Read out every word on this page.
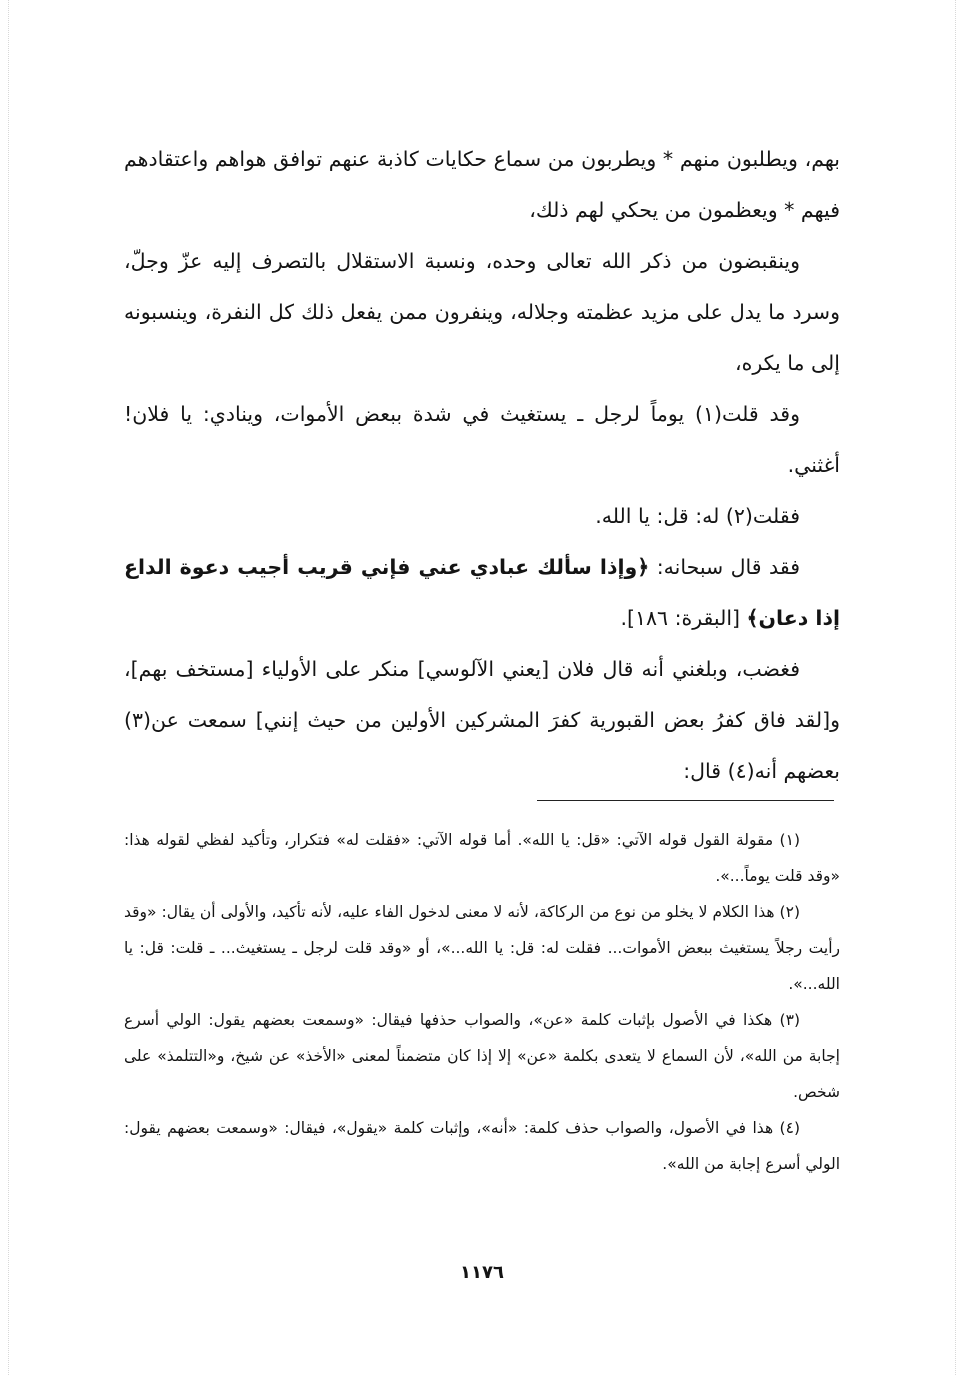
بهم، ويطلبون منهم * ويطربون من سماع حكايات كاذبة عنهم توافق هواهم واعتقادهم فيهم * ويعظمون من يحكي لهم ذلك،

وينقبضون من ذكر الله تعالى وحده، ونسبة الاستقلال بالتصرف إليه عزّ وجلّ، وسرد ما يدل على مزيد عظمته وجلاله، وينفرون ممن يفعل ذلك كل النفرة، وينسبونه إلى ما يكره،

وقد قلت(١) يوماً لرجل ـ يستغيث في شدة ببعض الأموات، وينادي: يا فلان! أغثني.

فقلت(٢) له: قل: يا الله.

فقد قال سبحانه: ﴿وإذا سألك عبادي عني فإني قريب أجيب دعوة الداع إذا دعان﴾ [البقرة: ١٨٦].

فغضب، وبلغني أنه قال فلان [يعني الآلوسي] منكر على الأولياء [مستخف بهم]، و[لقد فاق كفرُ بعض القبورية كفرَ المشركين الأولين من حيث إنني] سمعت عن(٣) بعضهم أنه(٤) قال:

(١) مقولة القول قوله الآتي: «قل: يا الله». أما قوله الآتي: «فقلت له» فتكرار، وتأكيد لفظي لقوله هذا: «وقد قلت يوماً...».

(٢) هذا الكلام لا يخلو من نوع من الركاكة، لأنه لا معنى لدخول الفاء عليه، لأنه تأكيد، والأولى أن يقال: «وقد رأيت رجلاً يستغيث ببعض الأموات... فقلت له: قل: يا الله...»، أو «وقد قلت لرجل ـ يستغيث... ـ قلت: قل: يا الله...».

(٣) هكذا في الأصول بإثبات كلمة «عن»، والصواب حذفها فيقال: «وسمعت بعضهم يقول: الولي أسرع إجابة من الله»، لأن السماع لا يتعدى بكلمة «عن» إلا إذا كان متضمناً لمعنى «الأخذ» عن شيخ، و«التتلمذ» على شخص.

(٤) هذا في الأصول، والصواب حذف كلمة: «أنه»، وإثبات كلمة «يقول»، فيقال: «وسمعت بعضهم يقول: الولي أسرع إجابة من الله».

١١٧٦
